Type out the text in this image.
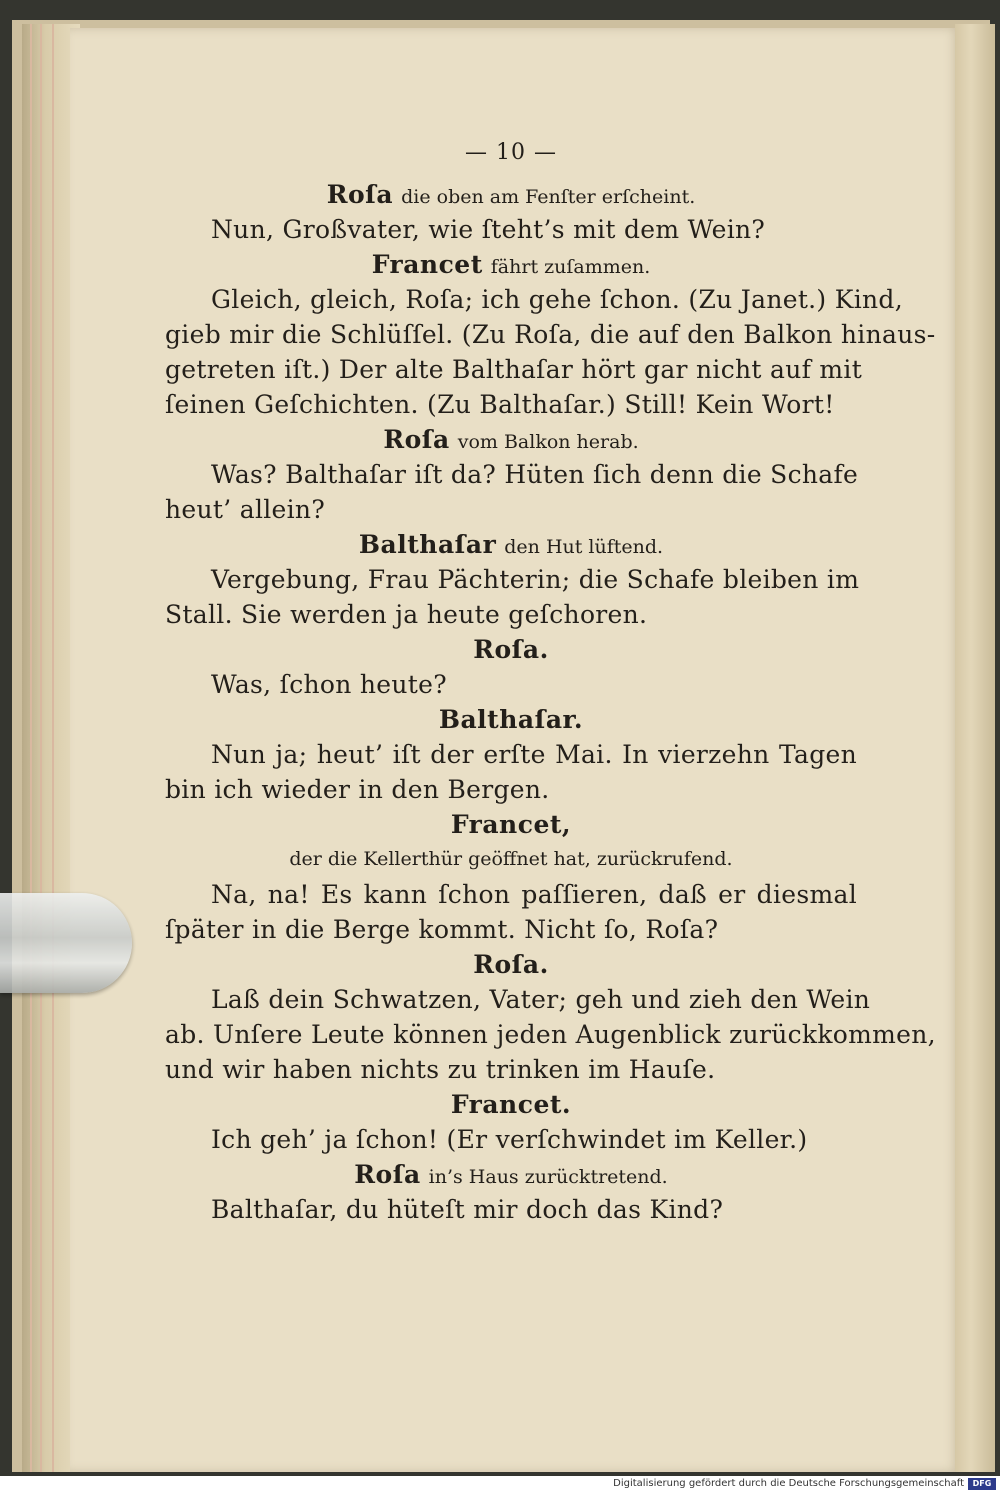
— 10 —
Roſa die oben am Fenſter erſcheint.
Nun, Großvater, wie ſteht’s mit dem Wein?
Francet fährt zuſammen.
Gleich, gleich, Roſa; ich gehe ſchon. (Zu Janet.) Kind,
gieb mir die Schlüſſel. (Zu Roſa, die auf den Balkon hinaus-
getreten iſt.) Der alte Balthaſar hört gar nicht auf mit
ſeinen Geſchichten. (Zu Balthaſar.) Still! Kein Wort!
Roſa vom Balkon herab.
Was? Balthaſar iſt da? Hüten ſich denn die Schafe
heut’ allein?
Balthaſar den Hut lüftend.
Vergebung, Frau Pächterin; die Schafe bleiben im
Stall. Sie werden ja heute geſchoren.
Roſa.
Was, ſchon heute?
Balthaſar.
Nun ja; heut’ iſt der erſte Mai. In vierzehn Tagen
bin ich wieder in den Bergen.
Francet,
der die Kellerthür geöffnet hat, zurückrufend.
Na, na! Es kann ſchon paſſieren, daß er diesmal
ſpäter in die Berge kommt. Nicht ſo, Roſa?
Roſa.
Laß dein Schwatzen, Vater; geh und zieh den Wein
ab. Unſere Leute können jeden Augenblick zurückkommen,
und wir haben nichts zu trinken im Hauſe.
Francet.
Ich geh’ ja ſchon! (Er verſchwindet im Keller.)
Roſa in’s Haus zurücktretend.
Balthaſar, du hüteſt mir doch das Kind?
Digitalisierung gefördert durch die Deutsche Forschungsgemeinschaft	DFG
